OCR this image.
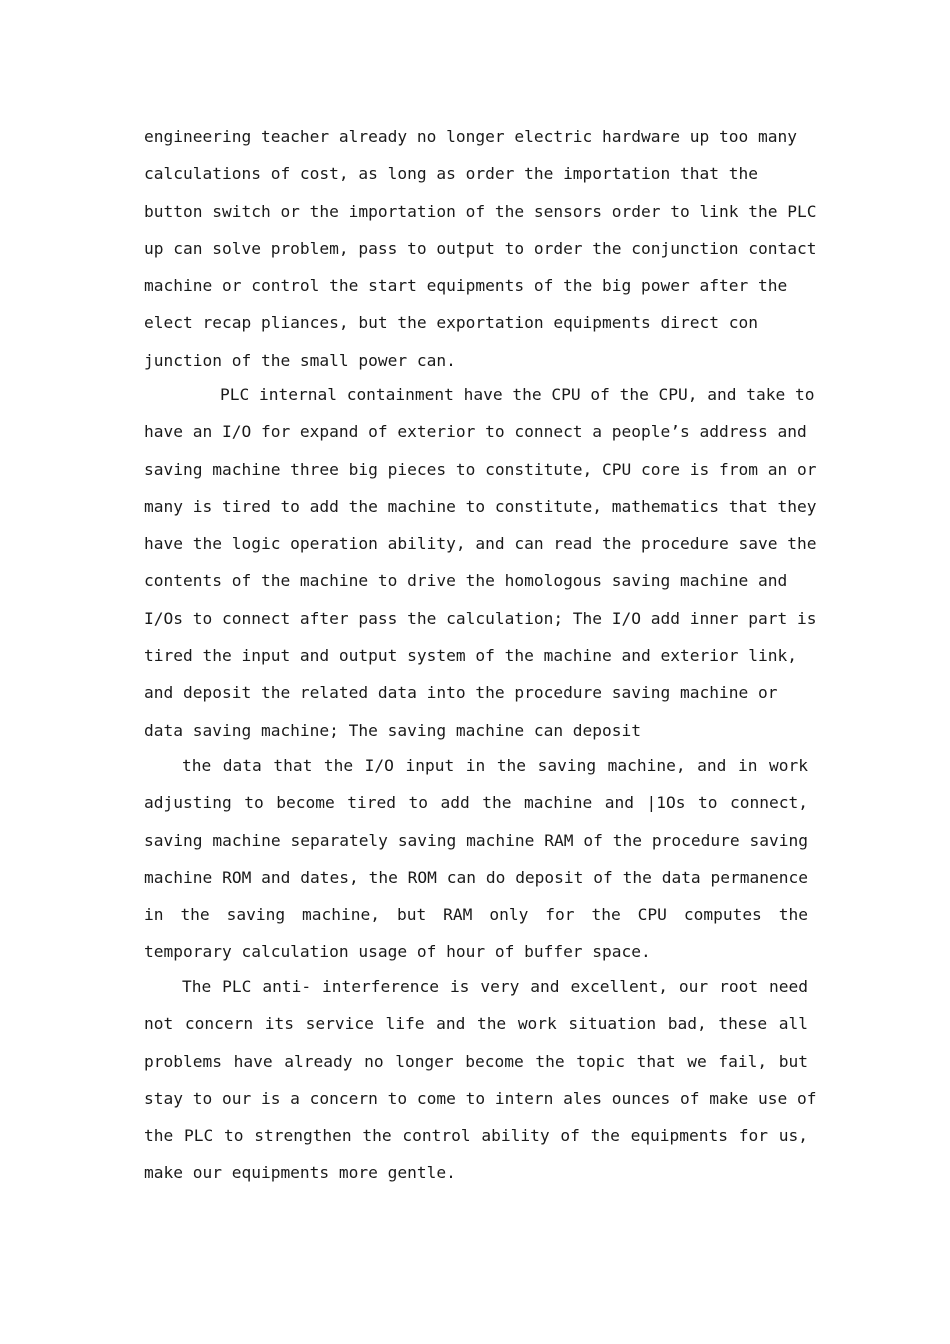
engineering teacher already no longer electric hardware up too many
calculations of cost, as long as order the importation that the
button switch or the importation of the sensors order to link the PLC
up can solve problem, pass to output to order the conjunction contact
machine or control the start equipments of the big power after the
elect recap pliances, but the exportation equipments direct con
junction of the small power can.
PLC internal containment have the CPU of the CPU, and take to
have an I/O for expand of exterior to connect a people’s address and
saving machine three big pieces to constitute, CPU core is from an or
many is tired to add the machine to constitute, mathematics that they
have the logic operation ability, and can read the procedure save the
contents of the machine to drive the homologous saving machine and
I/Os to connect after pass the calculation; The I/O add inner part is
tired the input and output system of the machine and exterior link,
and deposit the related data into the procedure saving machine or
data saving machine; The saving machine can deposit
the data that the I/O input in the saving machine, and in work
adjusting to become tired to add the machine and |1Os to connect,
saving machine separately saving machine RAM of the procedure saving
machine ROM and dates, the ROM can do deposit of the data permanence
in the saving machine, but RAM only for the CPU computes the
temporary calculation usage of hour of buffer space.
The PLC anti- interference is very and excellent, our root need
not concern its service life and the work situation bad, these all
problems have already no longer become the topic that we fail, but
stay to our is a concern to come to intern ales ounces of make use of
the PLC to strengthen the control ability of the equipments for us,
make our equipments more gentle.
